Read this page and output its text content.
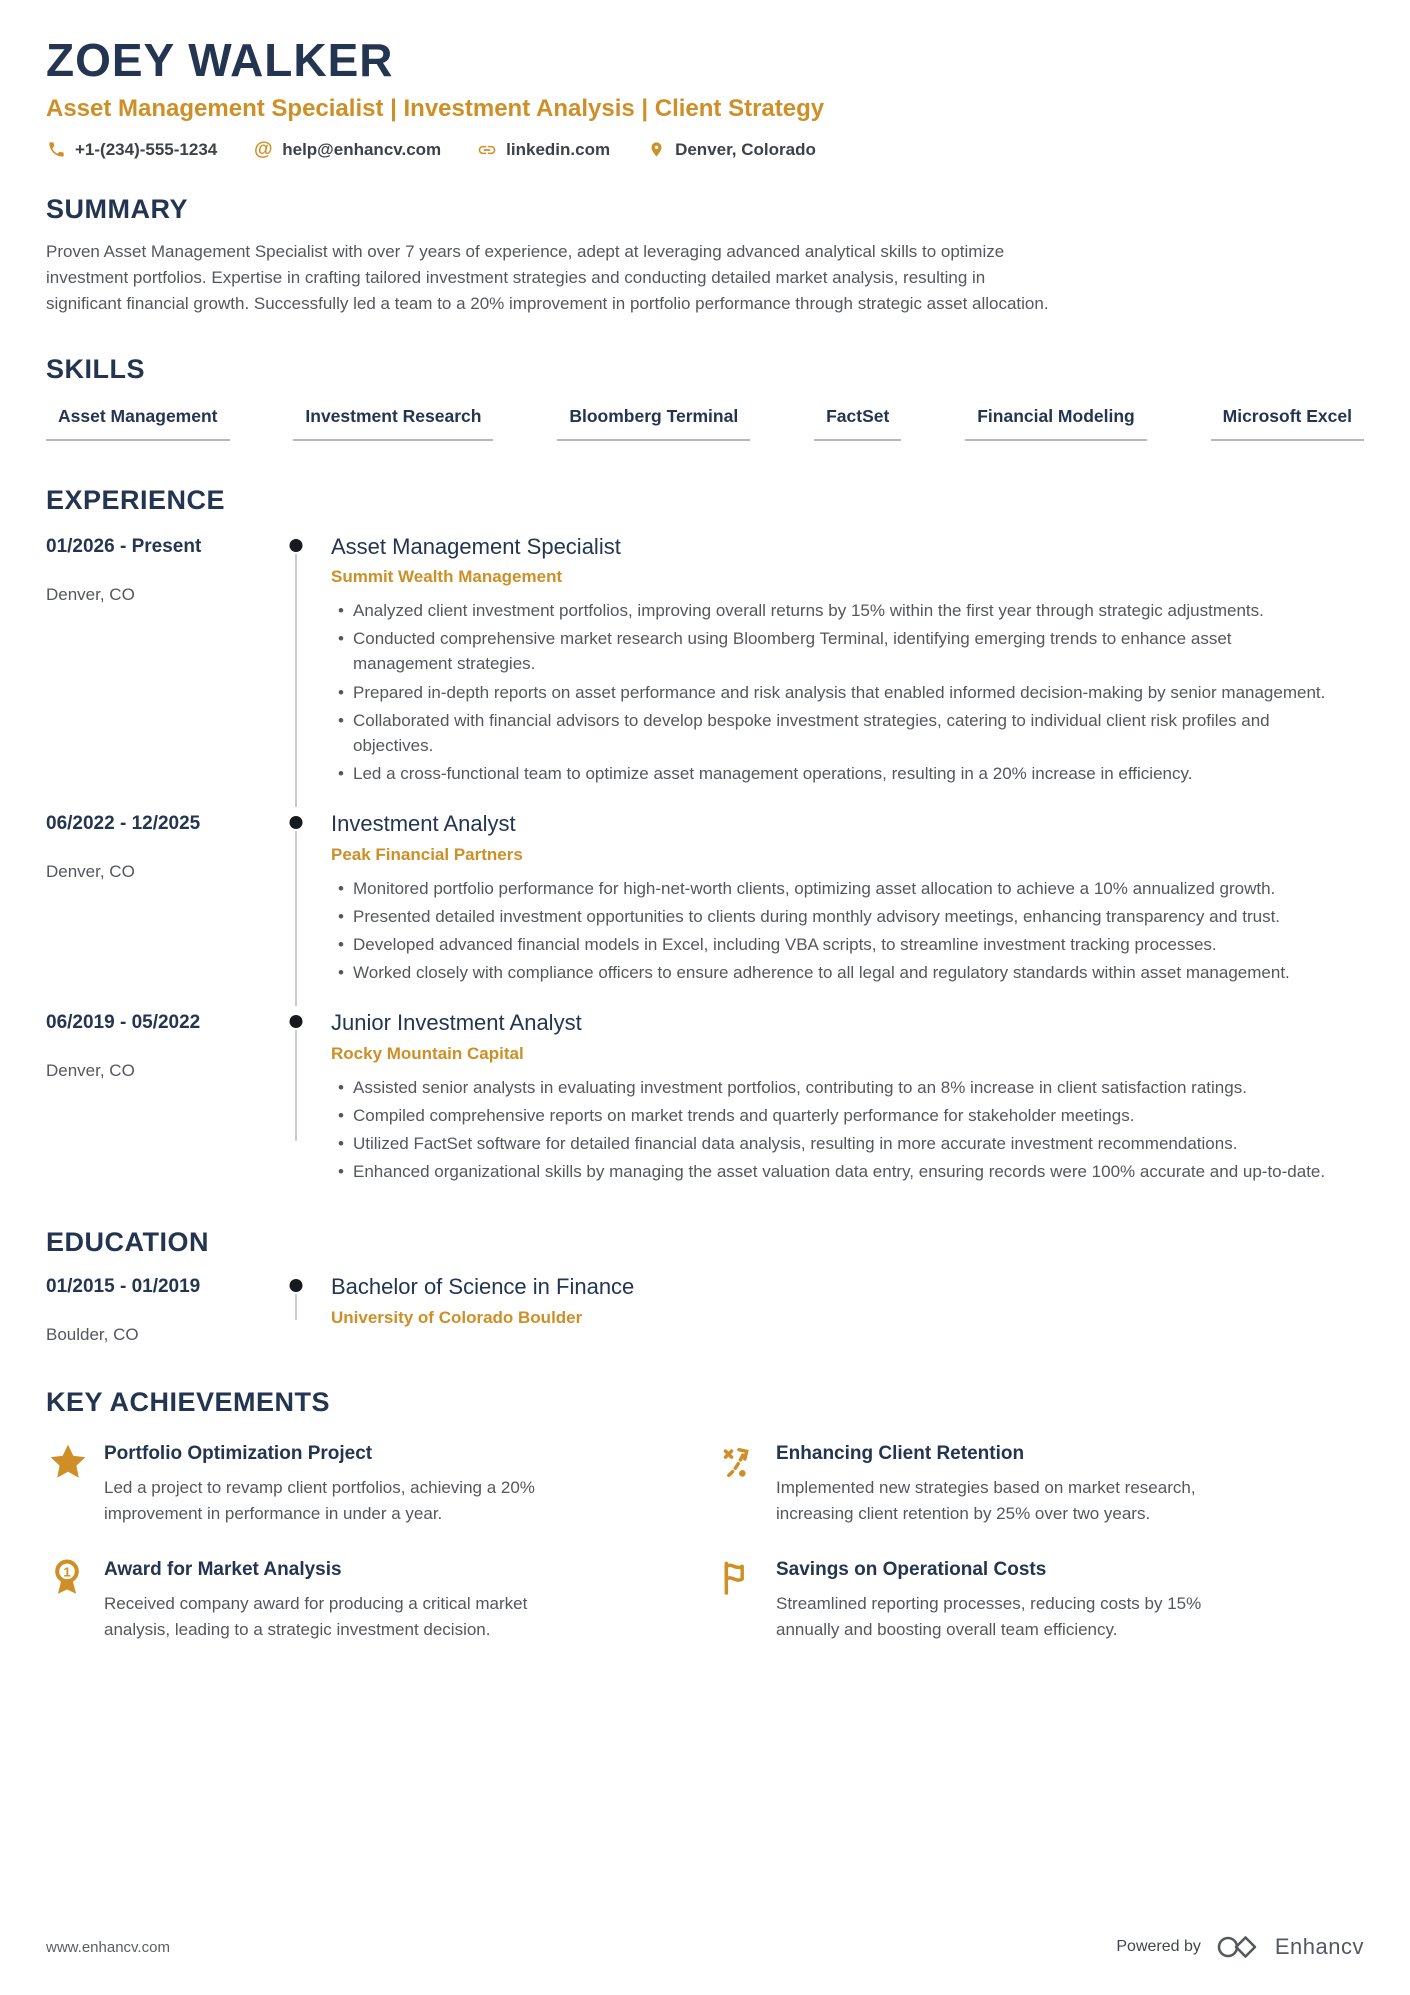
ZOEY WALKER
Asset Management Specialist | Investment Analysis | Client Strategy
+1-(234)-555-1234 @ help@enhancv.com	linkedin.com	Denver, Colorado
SUMMARY

Proven Asset Management Specialist with over 7 years of experience, adept at leveraging advanced analytical skills to optimize investment portfolios. Expertise in crafting tailored investment strategies and conducting detailed market analysis, resulting in significant financial growth. Successfully led a team to a 20% improvement in portfolio performance through strategic asset allocation.

SKILLS
Asset Management	Investment Research	Bloomberg Terminal	FactSet	Financial Modeling	Microsoft Excel
EXPERIENCE
01/2026 - Present
Denver, CO
Asset Management Specialist
Summit Wealth Management
• Analyzed client investment portfolios, improving overall returns by 15% within the first year through strategic adjustments.
• Conducted comprehensive market research using Bloomberg Terminal, identifying emerging trends to enhance asset management strategies.
• Prepared in-depth reports on asset performance and risk analysis that enabled informed decision-making by senior management.
• Collaborated with financial advisors to develop bespoke investment strategies, catering to individual client risk profiles and objectives.
• Led a cross-functional team to optimize asset management operations, resulting in a 20% increase in efficiency.
06/2022 - 12/2025
Denver, CO
Investment Analyst
Peak Financial Partners
• Monitored portfolio performance for high-net-worth clients, optimizing asset allocation to achieve a 10% annualized growth.
• Presented detailed investment opportunities to clients during monthly advisory meetings, enhancing transparency and trust.
• Developed advanced financial models in Excel, including VBA scripts, to streamline investment tracking processes.
• Worked closely with compliance officers to ensure adherence to all legal and regulatory standards within asset management.
06/2019 - 05/2022
Denver, CO
Junior Investment Analyst
Rocky Mountain Capital
• Assisted senior analysts in evaluating investment portfolios, contributing to an 8% increase in client satisfaction ratings.
• Compiled comprehensive reports on market trends and quarterly performance for stakeholder meetings.
• Utilized FactSet software for detailed financial data analysis, resulting in more accurate investment recommendations.
• Enhanced organizational skills by managing the asset valuation data entry, ensuring records were 100% accurate and up-to-date.
EDUCATION
01/2015 - 01/2019
Boulder, CO
Bachelor of Science in Finance
University of Colorado Boulder
KEY ACHIEVEMENTS
Portfolio Optimization Project
Led a project to revamp client portfolios, achieving a 20% improvement in performance in under a year.
Enhancing Client Retention
Implemented new strategies based on market research, increasing client retention by 25% over two years.
1 Award for Market Analysis
Received company award for producing a critical market analysis, leading to a strategic investment decision.
Savings on Operational Costs
Streamlined reporting processes, reducing costs by 15% annually and boosting overall team efficiency.
www.enhancv.com	Powered by	Enhancv
